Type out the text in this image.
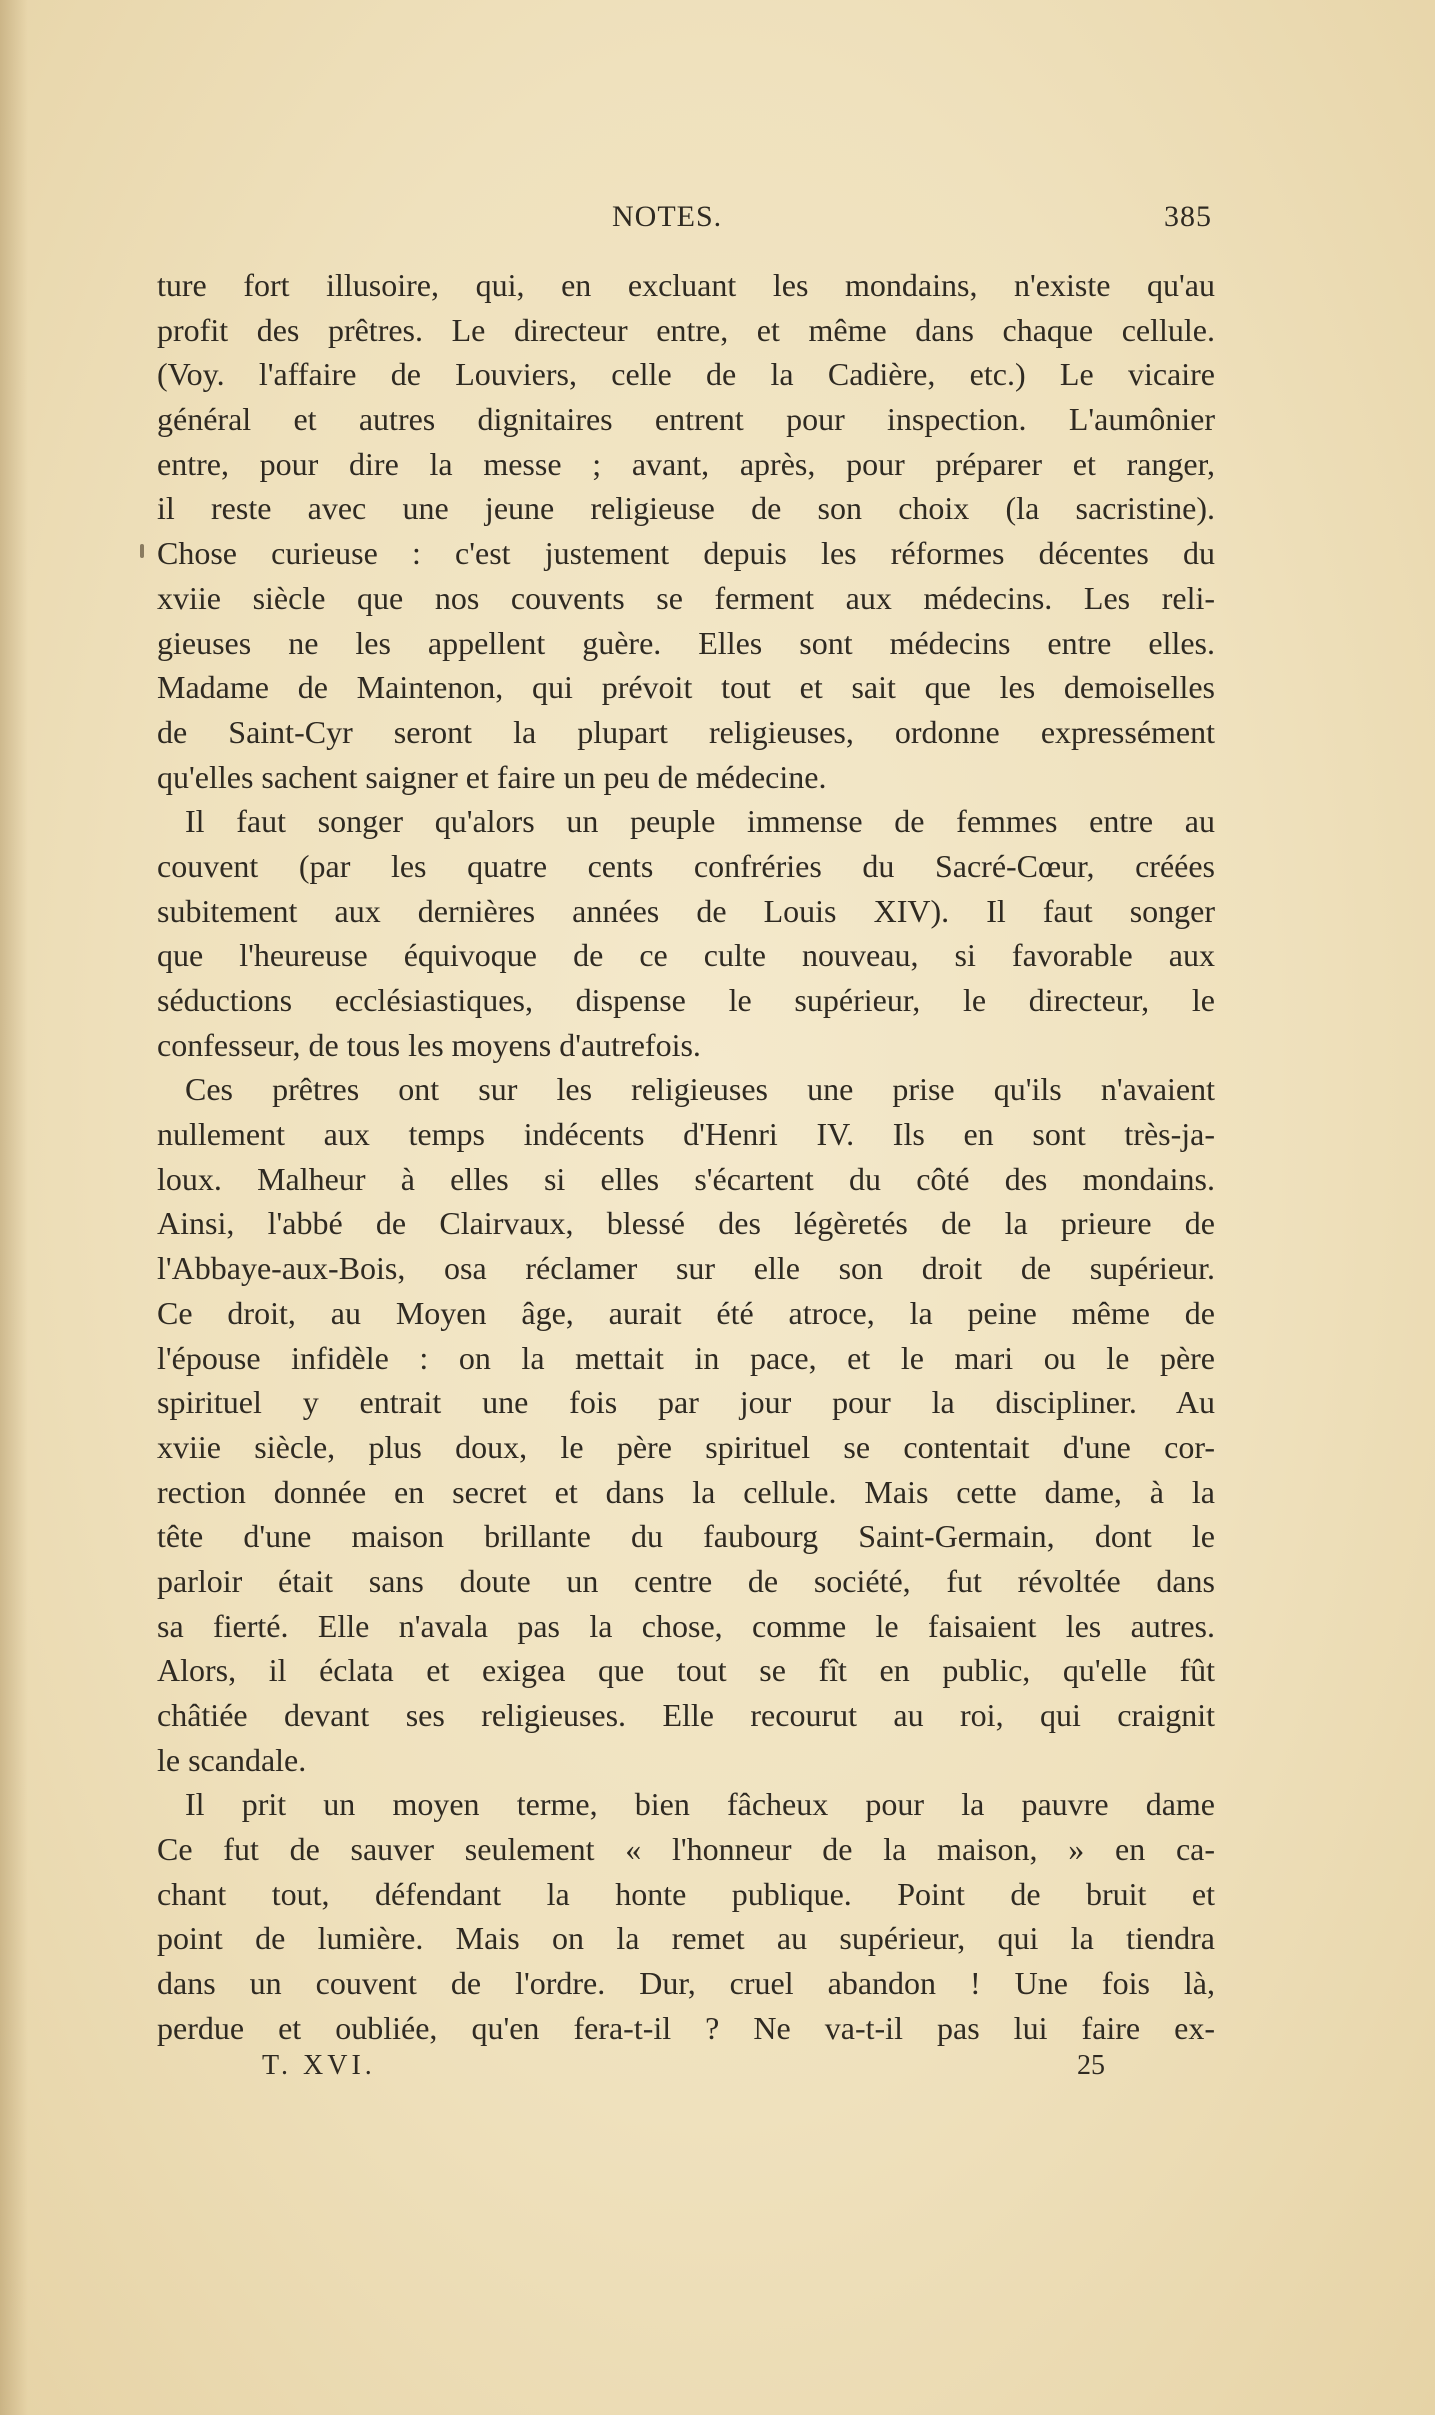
NOTES.	385
ture fort illusoire, qui, en excluant les mondains, n'existe qu'au
profit des prêtres. Le directeur entre, et même dans chaque cellule.
(Voy. l'affaire de Louviers, celle de la Cadière, etc.) Le vicaire
général et autres dignitaires entrent pour inspection. L'aumônier
entre, pour dire la messe ; avant, après, pour préparer et ranger,
il reste avec une jeune religieuse de son choix (la sacristine).
Chose curieuse : c'est justement depuis les réformes décentes du
xviie siècle que nos couvents se ferment aux médecins. Les reli-
gieuses ne les appellent guère. Elles sont médecins entre elles.
Madame de Maintenon, qui prévoit tout et sait que les demoiselles
de Saint-Cyr seront la plupart religieuses, ordonne expressément
qu'elles sachent saigner et faire un peu de médecine.
Il faut songer qu'alors un peuple immense de femmes entre au
couvent (par les quatre cents confréries du Sacré-Cœur, créées
subitement aux dernières années de Louis XIV). Il faut songer
que l'heureuse équivoque de ce culte nouveau, si favorable aux
séductions ecclésiastiques, dispense le supérieur, le directeur, le
confesseur, de tous les moyens d'autrefois.
Ces prêtres ont sur les religieuses une prise qu'ils n'avaient
nullement aux temps indécents d'Henri IV. Ils en sont très-ja-
loux. Malheur à elles si elles s'écartent du côté des mondains.
Ainsi, l'abbé de Clairvaux, blessé des légèretés de la prieure de
l'Abbaye-aux-Bois, osa réclamer sur elle son droit de supérieur.
Ce droit, au Moyen âge, aurait été atroce, la peine même de
l'épouse infidèle : on la mettait in pace, et le mari ou le père
spirituel y entrait une fois par jour pour la discipliner. Au
xviie siècle, plus doux, le père spirituel se contentait d'une cor-
rection donnée en secret et dans la cellule. Mais cette dame, à la
tête d'une maison brillante du faubourg Saint-Germain, dont le
parloir était sans doute un centre de société, fut révoltée dans
sa fierté. Elle n'avala pas la chose, comme le faisaient les autres.
Alors, il éclata et exigea que tout se fît en public, qu'elle fût
châtiée devant ses religieuses. Elle recourut au roi, qui craignit
le scandale.
Il prit un moyen terme, bien fâcheux pour la pauvre dame
Ce fut de sauver seulement « l'honneur de la maison, » en ca-
chant tout, défendant la honte publique. Point de bruit et
point de lumière. Mais on la remet au supérieur, qui la tiendra
dans un couvent de l'ordre. Dur, cruel abandon ! Une fois là,
perdue et oubliée, qu'en fera-t-il ? Ne va-t-il pas lui faire ex-
T. XVI.	25
